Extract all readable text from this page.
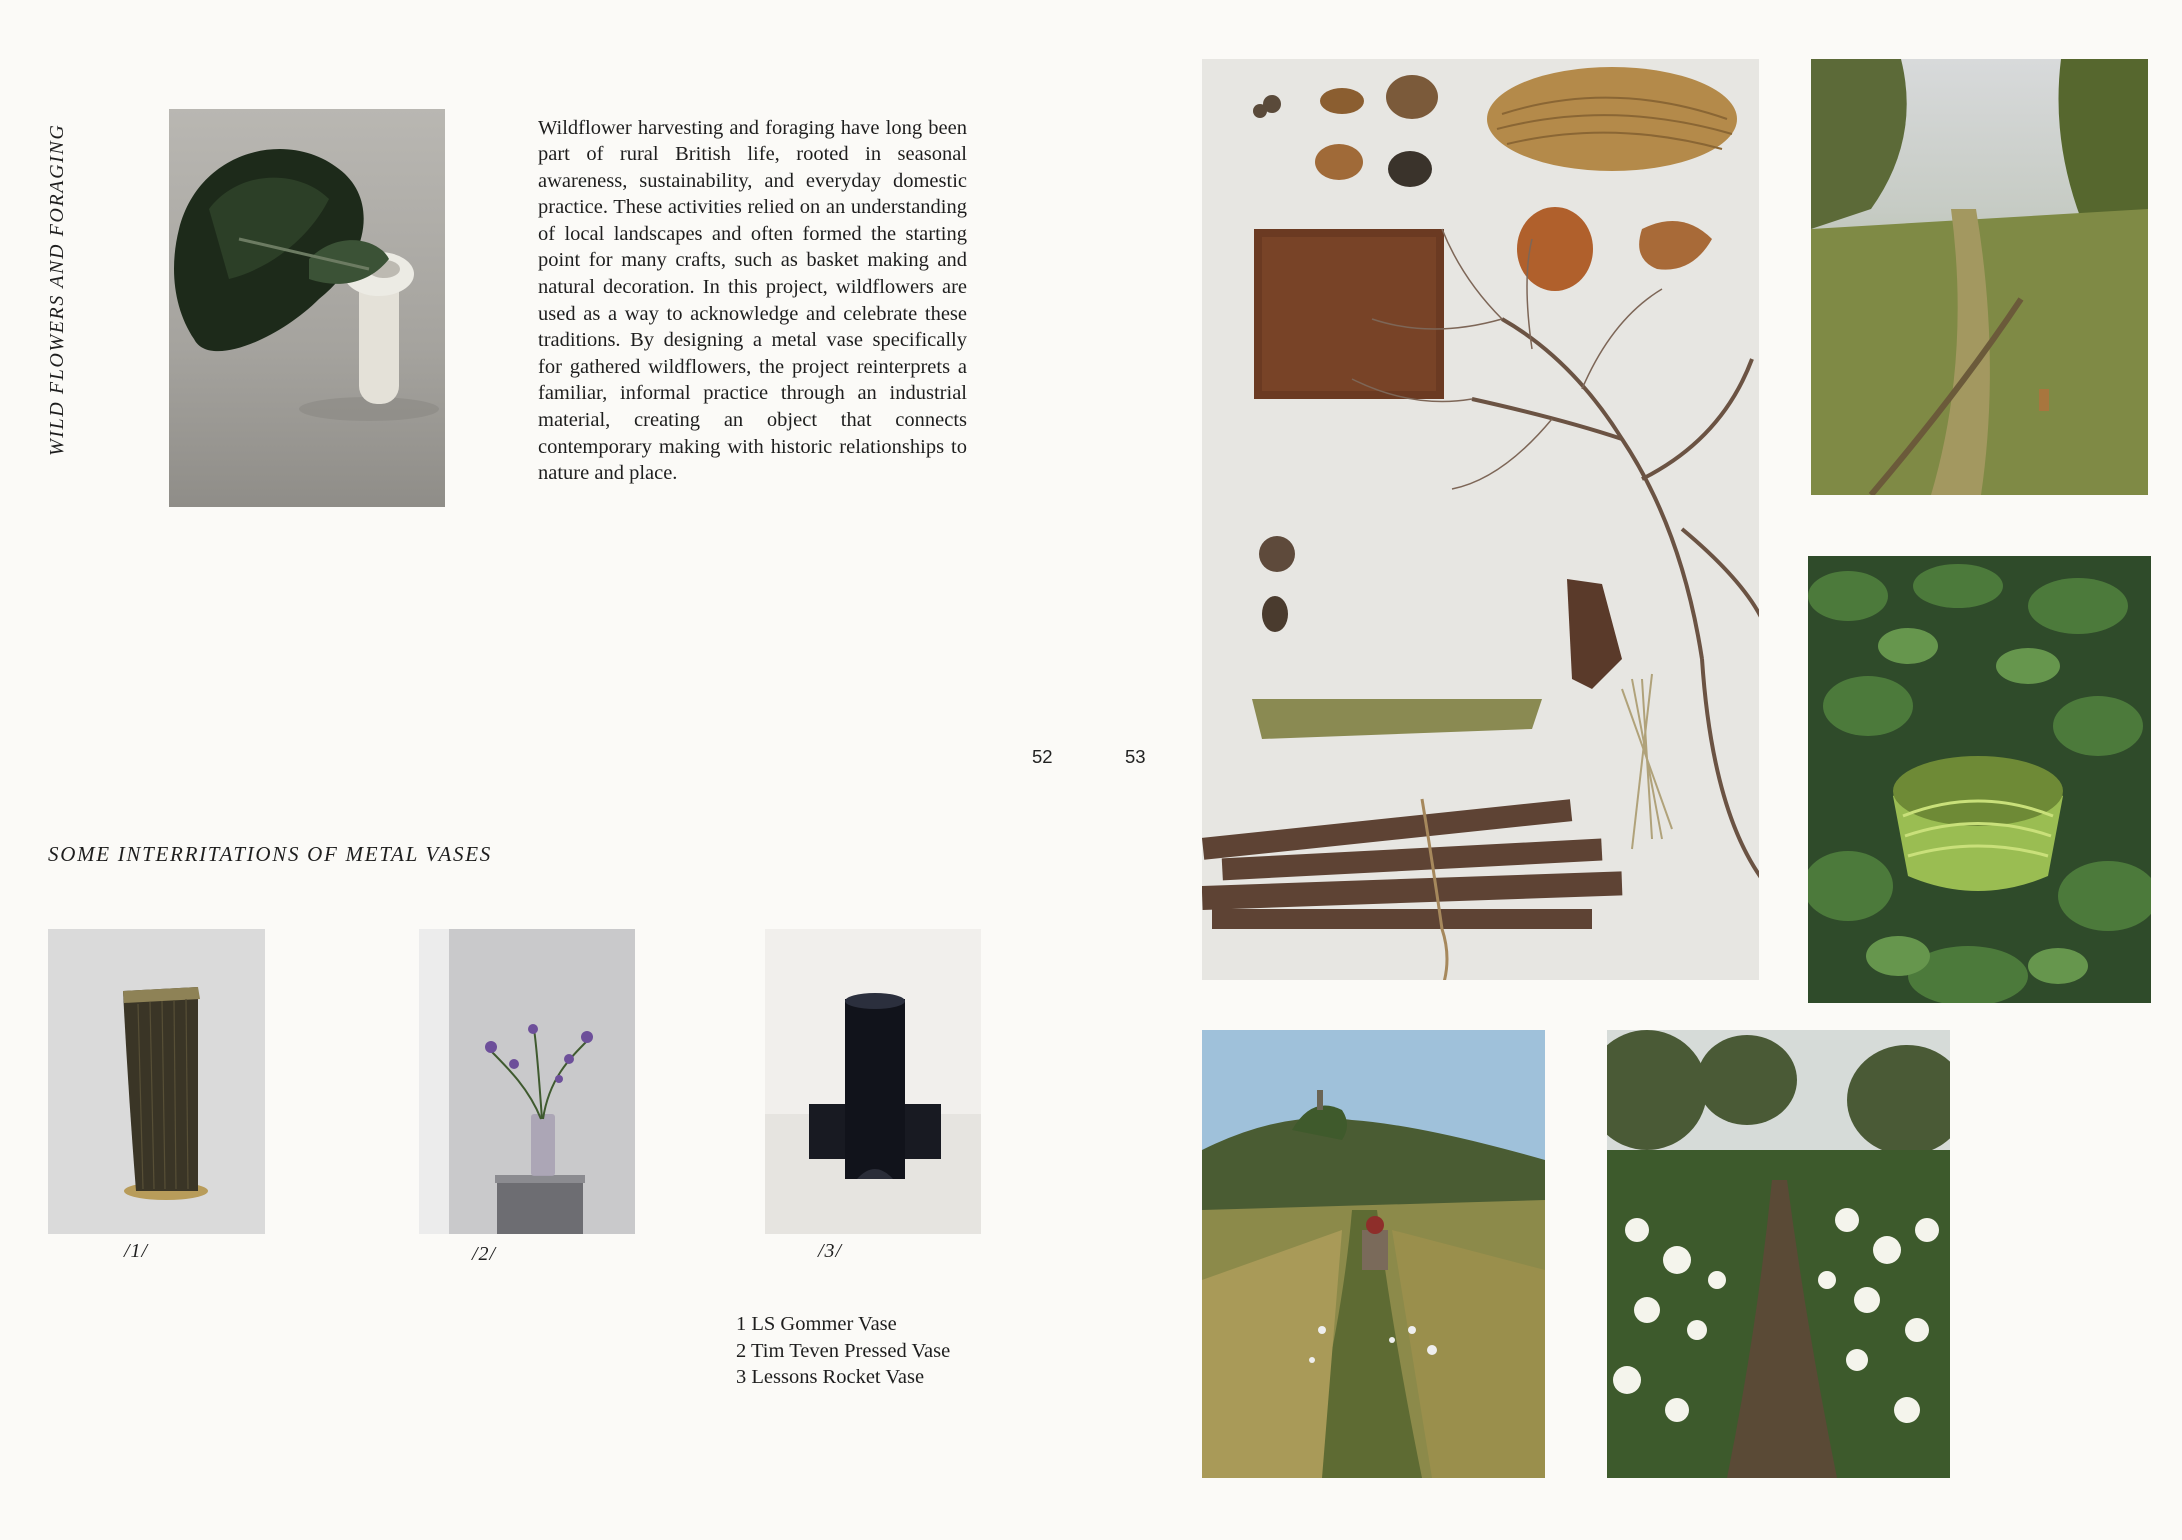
WILD FLOWERS AND FORAGING	Wildflower harvesting and foraging have long been part of rural British life, rooted in seasonal awareness, sustainability, and everyday domestic practice. These activities relied on an understanding of local landscapes and often formed the starting point for many crafts, such as basket making and natural decoration. In this project, wildflowers are used as a way to acknowledge and celebrate these traditions. By designing a metal vase specifically for gathered wildflowers, the project reinterprets a familiar, informal practice through an industrial material, creating an object that connects contemporary making with historic relationships to nature and place.

52
SOME INTERRITATIONS OF METAL VASES
/1/	/2/	/3/
1 LS Gommer Vase
2 Tim Teven Pressed Vase
3 Lessons Rocket Vase
53
